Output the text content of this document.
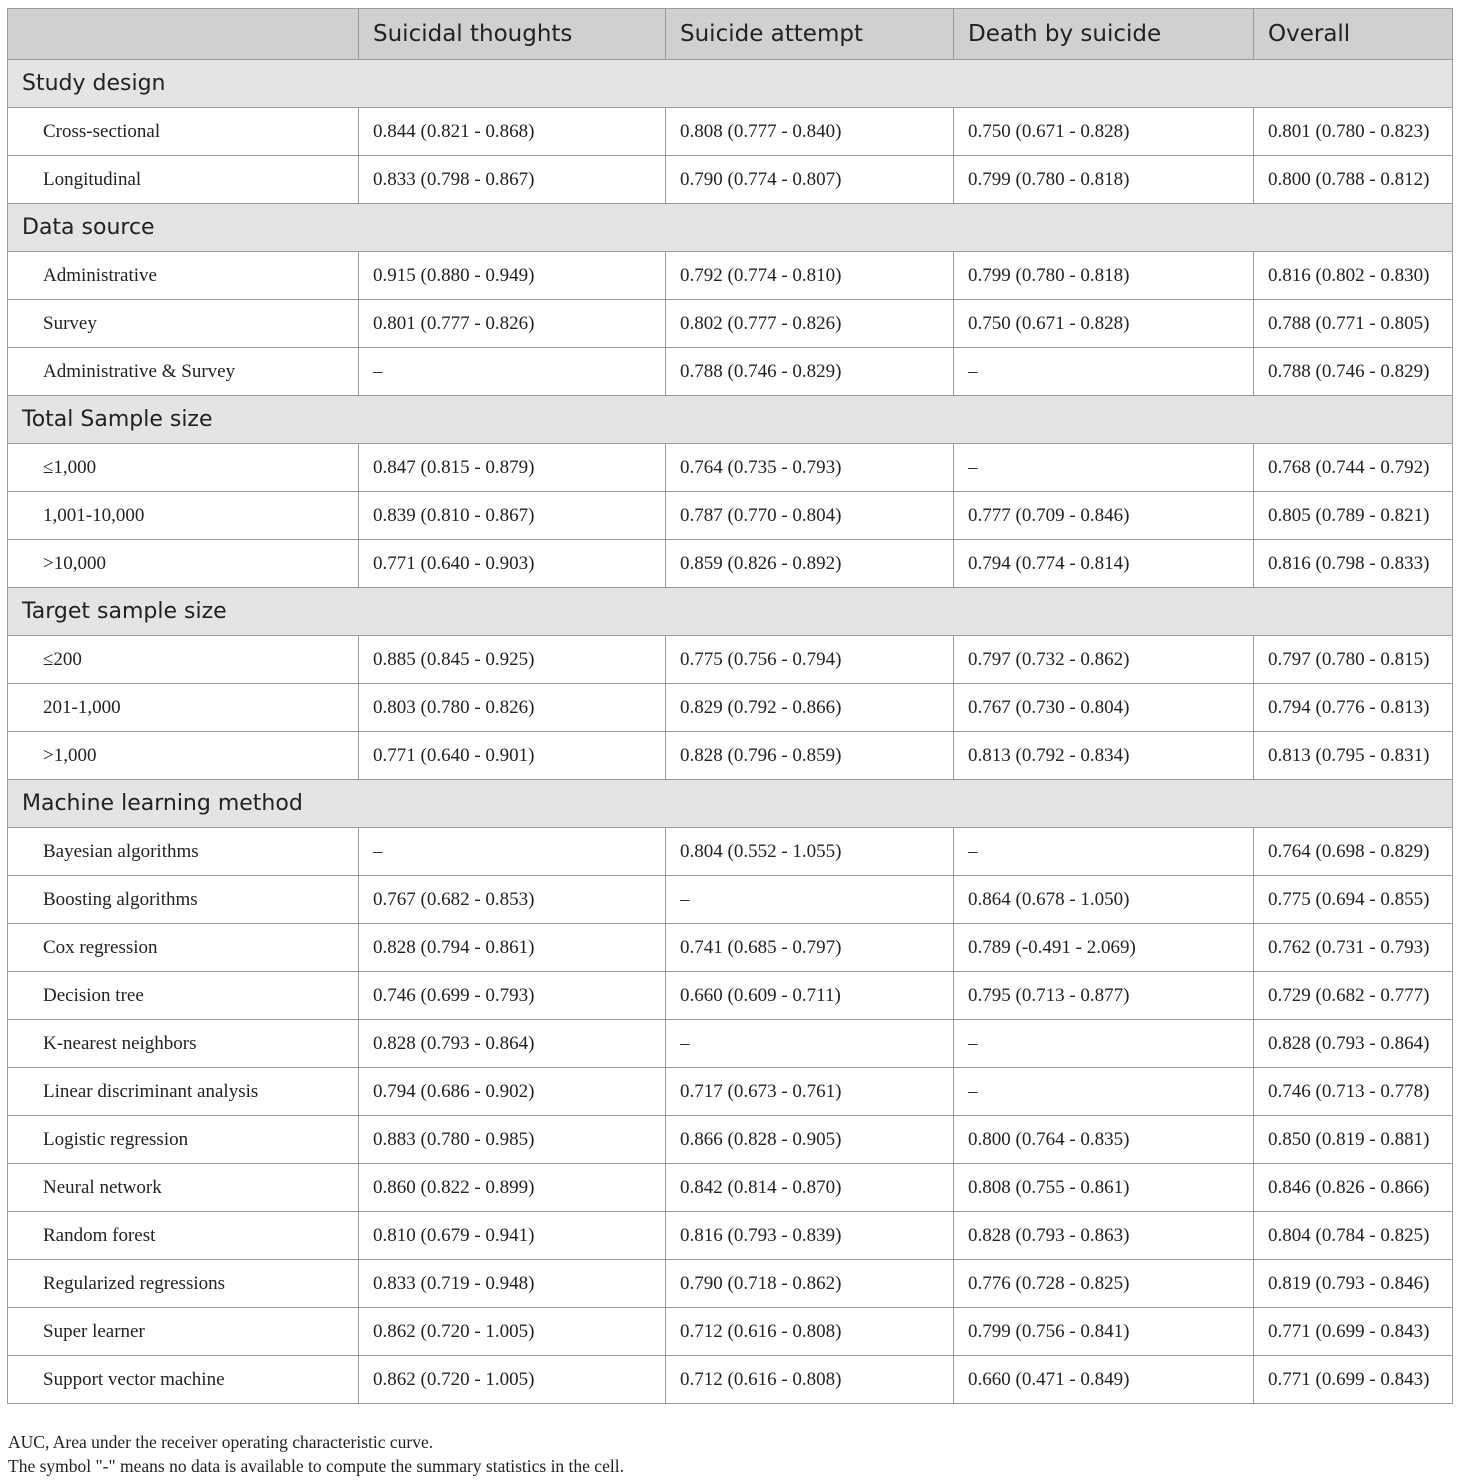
	Suicidal thoughts	Suicide attempt	Death by suicide	Overall
Study design				
Cross-sectional	0.844 (0.821 - 0.868)	0.808 (0.777 - 0.840)	0.750 (0.671 - 0.828)	0.801 (0.780 - 0.823)
Longitudinal	0.833 (0.798 - 0.867)	0.790 (0.774 - 0.807)	0.799 (0.780 - 0.818)	0.800 (0.788 - 0.812)
Data source				
Administrative	0.915 (0.880 - 0.949)	0.792 (0.774 - 0.810)	0.799 (0.780 - 0.818)	0.816 (0.802 - 0.830)
Survey	0.801 (0.777 - 0.826)	0.802 (0.777 - 0.826)	0.750 (0.671 - 0.828)	0.788 (0.771 - 0.805)
Administrative & Survey	–	0.788 (0.746 - 0.829)	–	0.788 (0.746 - 0.829)
Total Sample size				
≤1,000	0.847 (0.815 - 0.879)	0.764 (0.735 - 0.793)	–	0.768 (0.744 - 0.792)
1,001-10,000	0.839 (0.810 - 0.867)	0.787 (0.770 - 0.804)	0.777 (0.709 - 0.846)	0.805 (0.789 - 0.821)
>10,000	0.771 (0.640 - 0.903)	0.859 (0.826 - 0.892)	0.794 (0.774 - 0.814)	0.816 (0.798 - 0.833)
Target sample size				
≤200	0.885 (0.845 - 0.925)	0.775 (0.756 - 0.794)	0.797 (0.732 - 0.862)	0.797 (0.780 - 0.815)
201-1,000	0.803 (0.780 - 0.826)	0.829 (0.792 - 0.866)	0.767 (0.730 - 0.804)	0.794 (0.776 - 0.813)
>1,000	0.771 (0.640 - 0.901)	0.828 (0.796 - 0.859)	0.813 (0.792 - 0.834)	0.813 (0.795 - 0.831)
Machine learning method				
Bayesian algorithms	–	0.804 (0.552 - 1.055)	–	0.764 (0.698 - 0.829)
Boosting algorithms	0.767 (0.682 - 0.853)	–	0.864 (0.678 - 1.050)	0.775 (0.694 - 0.855)
Cox regression	0.828 (0.794 - 0.861)	0.741 (0.685 - 0.797)	0.789 (-0.491 - 2.069)	0.762 (0.731 - 0.793)
Decision tree	0.746 (0.699 - 0.793)	0.660 (0.609 - 0.711)	0.795 (0.713 - 0.877)	0.729 (0.682 - 0.777)
K-nearest neighbors	0.828 (0.793 - 0.864)	–	–	0.828 (0.793 - 0.864)
Linear discriminant analysis	0.794 (0.686 - 0.902)	0.717 (0.673 - 0.761)	–	0.746 (0.713 - 0.778)
Logistic regression	0.883 (0.780 - 0.985)	0.866 (0.828 - 0.905)	0.800 (0.764 - 0.835)	0.850 (0.819 - 0.881)
Neural network	0.860 (0.822 - 0.899)	0.842 (0.814 - 0.870)	0.808 (0.755 - 0.861)	0.846 (0.826 - 0.866)
Random forest	0.810 (0.679 - 0.941)	0.816 (0.793 - 0.839)	0.828 (0.793 - 0.863)	0.804 (0.784 - 0.825)
Regularized regressions	0.833 (0.719 - 0.948)	0.790 (0.718 - 0.862)	0.776 (0.728 - 0.825)	0.819 (0.793 - 0.846)
Super learner	0.862 (0.720 - 1.005)	0.712 (0.616 - 0.808)	0.799 (0.756 - 0.841)	0.771 (0.699 - 0.843)
Support vector machine	0.862 (0.720 - 1.005)	0.712 (0.616 - 0.808)	0.660 (0.471 - 0.849)	0.771 (0.699 - 0.843)
AUC, Area under the receiver operating characteristic curve.
The symbol "-" means no data is available to compute the summary statistics in the cell.
